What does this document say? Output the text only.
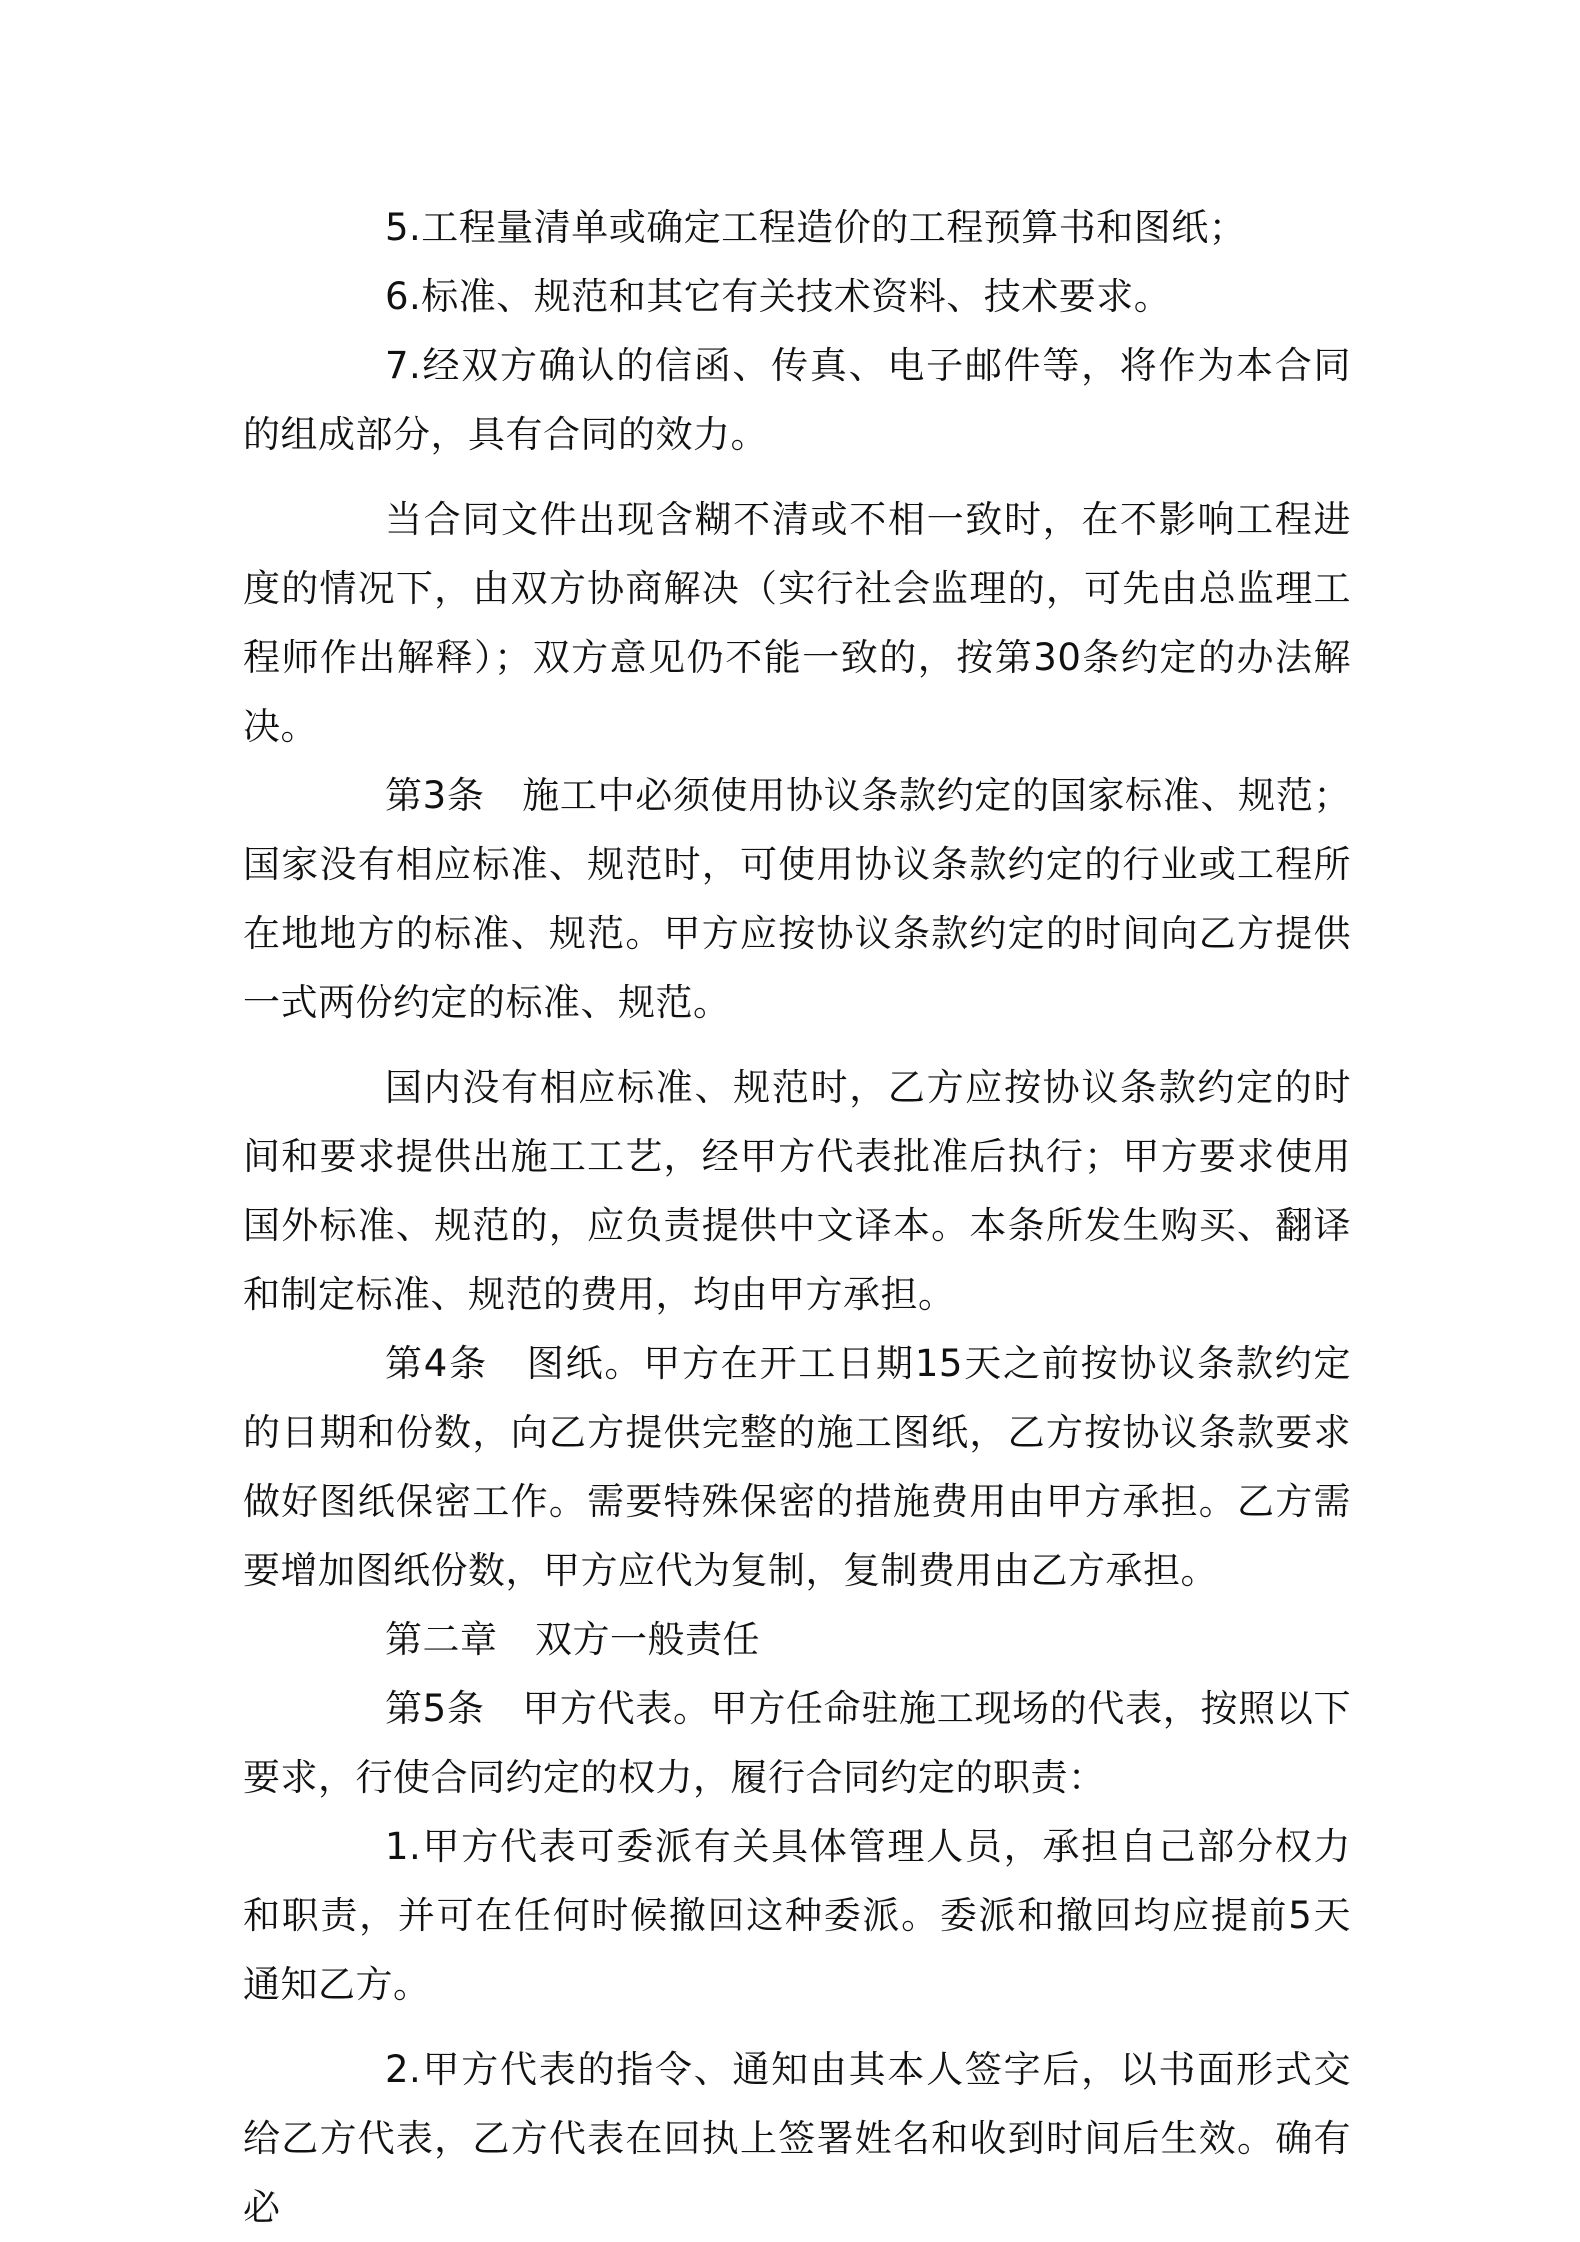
5.工程量清单或确定工程造价的工程预算书和图纸；

6.标准、规范和其它有关技术资料、技术要求。

7.经双方确认的信函、传真、电子邮件等，将作为本合同的组成部分，具有合同的效力。

当合同文件出现含糊不清或不相一致时，在不影响工程进度的情况下，由双方协商解决（实行社会监理的，可先由总监理工程师作出解释）；双方意见仍不能一致的，按第30条约定的办法解决。

第3条　施工中必须使用协议条款约定的国家标准、规范；国家没有相应标准、规范时，可使用协议条款约定的行业或工程所在地地方的标准、规范。甲方应按协议条款约定的时间向乙方提供一式两份约定的标准、规范。

国内没有相应标准、规范时，乙方应按协议条款约定的时间和要求提供出施工工艺，经甲方代表批准后执行；甲方要求使用国外标准、规范的，应负责提供中文译本。本条所发生购买、翻译和制定标准、规范的费用，均由甲方承担。

第4条　图纸。甲方在开工日期15天之前按协议条款约定的日期和份数，向乙方提供完整的施工图纸，乙方按协议条款要求做好图纸保密工作。需要特殊保密的措施费用由甲方承担。乙方需要增加图纸份数，甲方应代为复制，复制费用由乙方承担。

第二章　双方一般责任

第5条　甲方代表。甲方任命驻施工现场的代表，按照以下要求，行使合同约定的权力，履行合同约定的职责：

1.甲方代表可委派有关具体管理人员，承担自己部分权力和职责，并可在任何时候撤回这种委派。委派和撤回均应提前5天通知乙方。

2.甲方代表的指令、通知由其本人签字后，以书面形式交给乙方代表，乙方代表在回执上签署姓名和收到时间后生效。确有必
